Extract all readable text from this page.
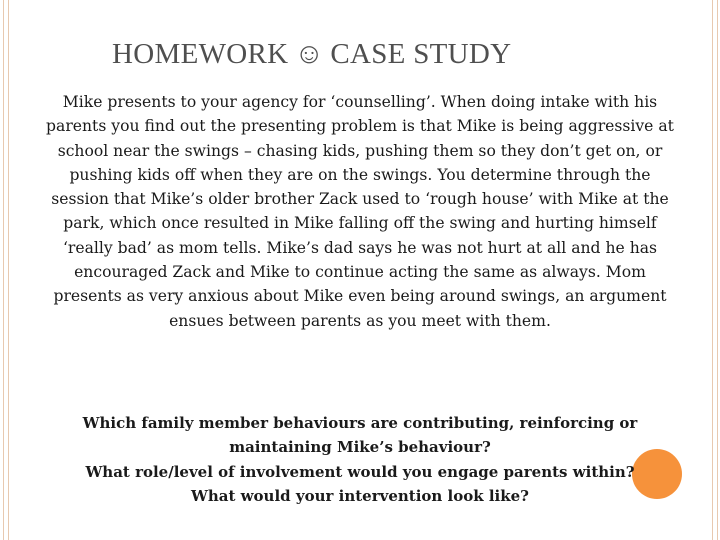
HOMEWORK ☺ CASE STUDY

Mike presents to your agency for ‘counselling’. When doing intake with his parents you find out the presenting problem is that Mike is being aggressive at school near the swings – chasing kids, pushing them so they don’t get on, or pushing kids off when they are on the swings. You determine through the session that Mike’s older brother Zack used to ‘rough house’ with Mike at the park, which once resulted in Mike falling off the swing and hurting himself ‘really bad’ as mom tells. Mike’s dad says he was not hurt at all and he has encouraged Zack and Mike to continue acting the same as always. Mom presents as very anxious about Mike even being around swings, an argument ensues between parents as you meet with them.

Which family member behaviours are contributing, reinforcing or maintaining Mike’s behaviour?

What role/level of involvement would you engage parents within?

What would your intervention look like?
